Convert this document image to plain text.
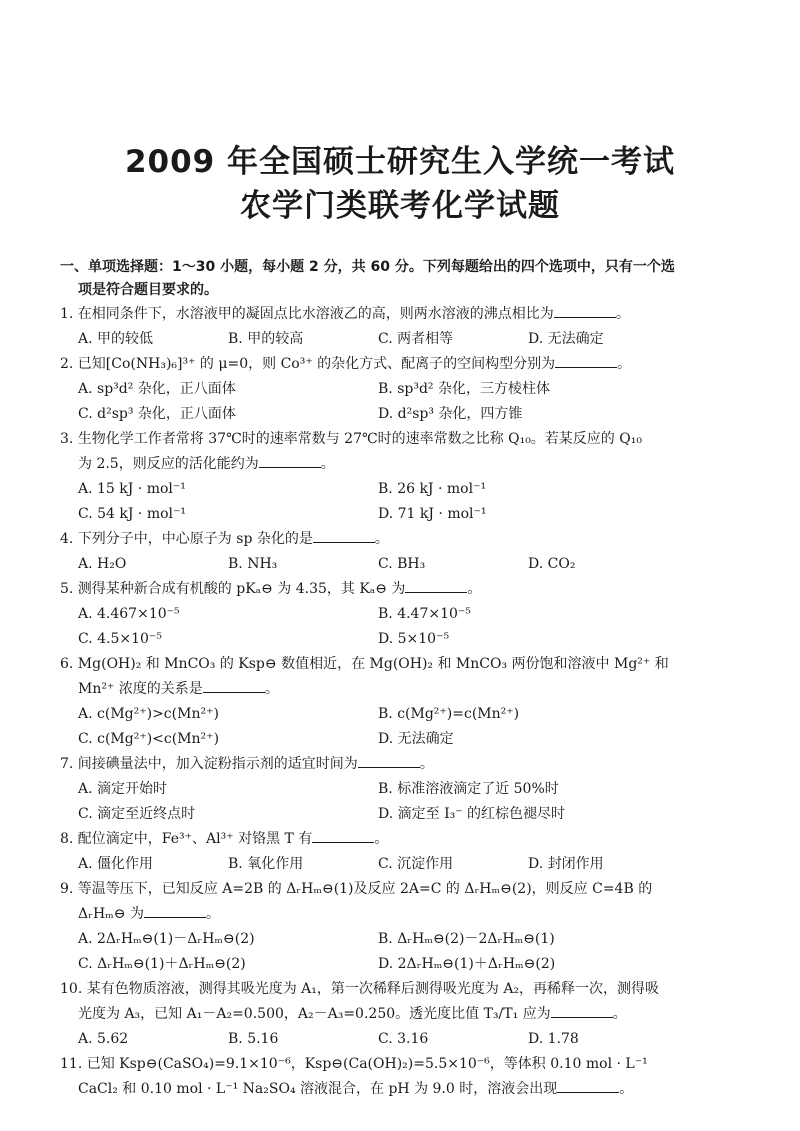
2009 年全国硕士研究生入学统一考试
农学门类联考化学试题
一、单项选择题：1～30 小题，每小题 2 分，共 60 分。下列每题给出的四个选项中，只有一个选
项是符合题目要求的。
1. 在相同条件下，水溶液甲的凝固点比水溶液乙的高，则两水溶液的沸点相比为	。
A. 甲的较低	B. 甲的较高	C. 两者相等	D. 无法确定
2. 已知[Co(NH₃)₆]³⁺ 的 μ=0，则 Co³⁺ 的杂化方式、配离子的空间构型分别为	。
A. sp³d² 杂化，正八面体	B. sp³d² 杂化，三方棱柱体
C. d²sp³ 杂化，正八面体	D. d²sp³ 杂化，四方锥
3. 生物化学工作者常将 37℃时的速率常数与 27℃时的速率常数之比称 Q₁₀。若某反应的 Q₁₀
为 2.5，则反应的活化能约为	。
A. 15 kJ · mol⁻¹	B. 26 kJ · mol⁻¹
C. 54 kJ · mol⁻¹	D. 71 kJ · mol⁻¹
4. 下列分子中，中心原子为 sp 杂化的是	。
A. H₂O	B. NH₃	C. BH₃	D. CO₂
5. 测得某种新合成有机酸的 pKₐ⊖ 为 4.35，其 Kₐ⊖ 为	。
A. 4.467×10⁻⁵	B. 4.47×10⁻⁵
C. 4.5×10⁻⁵	D. 5×10⁻⁵
6. Mg(OH)₂ 和 MnCO₃ 的 Ksp⊖ 数值相近，在 Mg(OH)₂ 和 MnCO₃ 两份饱和溶液中 Mg²⁺ 和
Mn²⁺ 浓度的关系是	。
A. c(Mg²⁺)>c(Mn²⁺)	B. c(Mg²⁺)=c(Mn²⁺)
C. c(Mg²⁺)<c(Mn²⁺)	D. 无法确定
7. 间接碘量法中，加入淀粉指示剂的适宜时间为	。
A. 滴定开始时	B. 标准溶液滴定了近 50%时
C. 滴定至近终点时	D. 滴定至 I₃⁻ 的红棕色褪尽时
8. 配位滴定中，Fe³⁺、Al³⁺ 对铬黑 T 有	。
A. 僵化作用	B. 氧化作用	C. 沉淀作用	D. 封闭作用
9. 等温等压下，已知反应 A=2B 的 ΔᵣHₘ⊖(1)及反应 2A=C 的 ΔᵣHₘ⊖(2)，则反应 C=4B 的
ΔᵣHₘ⊖ 为	。
A. 2ΔᵣHₘ⊖(1)－ΔᵣHₘ⊖(2)	B. ΔᵣHₘ⊖(2)－2ΔᵣHₘ⊖(1)
C. ΔᵣHₘ⊖(1)＋ΔᵣHₘ⊖(2)	D. 2ΔᵣHₘ⊖(1)＋ΔᵣHₘ⊖(2)
10. 某有色物质溶液，测得其吸光度为 A₁，第一次稀释后测得吸光度为 A₂，再稀释一次，测得吸
光度为 A₃，已知 A₁－A₂=0.500，A₂－A₃=0.250。透光度比值 T₃/T₁ 应为	。
A. 5.62	B. 5.16	C. 3.16	D. 1.78
11. 已知 Ksp⊖(CaSO₄)=9.1×10⁻⁶，Ksp⊖(Ca(OH)₂)=5.5×10⁻⁶，等体积 0.10 mol · L⁻¹
CaCl₂ 和 0.10 mol · L⁻¹ Na₂SO₄ 溶液混合，在 pH 为 9.0 时，溶液会出现	。
